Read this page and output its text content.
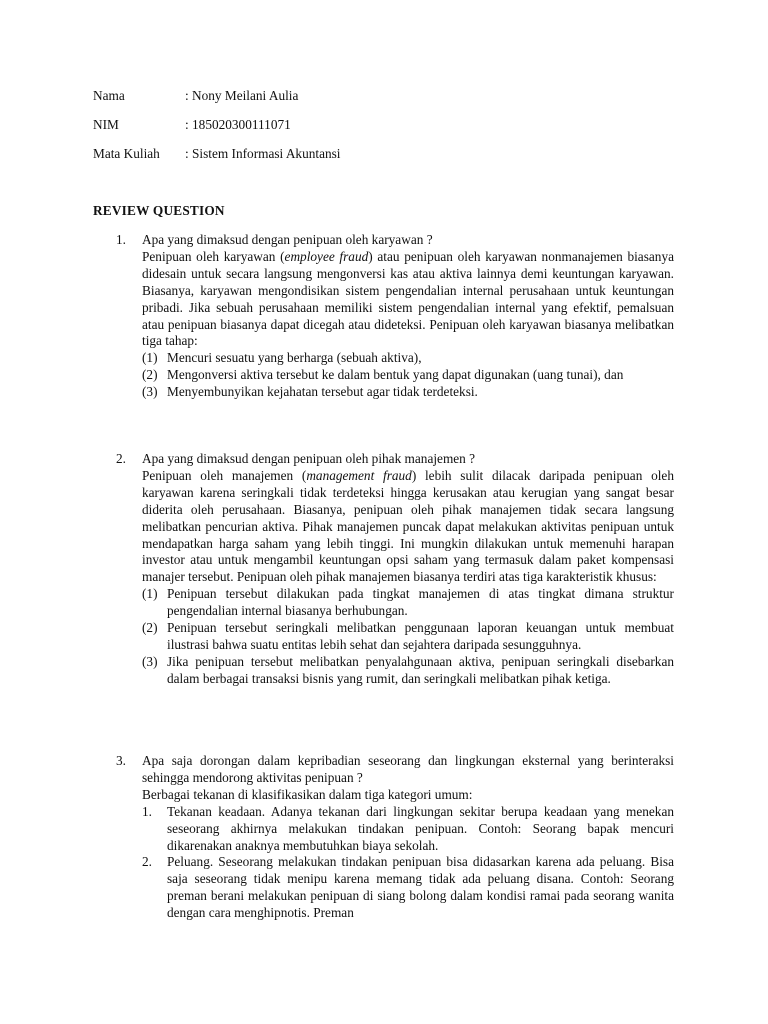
Nama	: Nony Meilani Aulia
NIM	: 185020300111071
Mata Kuliah	: Sistem Informasi Akuntansi
REVIEW QUESTION
1. Apa yang dimaksud dengan penipuan oleh karyawan ?

Penipuan oleh karyawan (employee fraud) atau penipuan oleh karyawan nonmanajemen biasanya didesain untuk secara langsung mengonversi kas atau aktiva lainnya demi keuntungan karyawan. Biasanya, karyawan mengondisikan sistem pengendalian internal perusahaan untuk keuntungan pribadi. Jika sebuah perusahaan memiliki sistem pengendalian internal yang efektif, pemalsuan atau penipuan biasanya dapat dicegah atau dideteksi. Penipuan oleh karyawan biasanya melibatkan tiga tahap:

(1) Mencuri sesuatu yang berharga (sebuah aktiva),
(2) Mengonversi aktiva tersebut ke dalam bentuk yang dapat digunakan (uang tunai), dan
(3) Menyembunyikan kejahatan tersebut agar tidak terdeteksi.
2. Apa yang dimaksud dengan penipuan oleh pihak manajemen ?

Penipuan oleh manajemen (management fraud) lebih sulit dilacak daripada penipuan oleh karyawan karena seringkali tidak terdeteksi hingga kerusakan atau kerugian yang sangat besar diderita oleh perusahaan. Biasanya, penipuan oleh pihak manajemen tidak secara langsung melibatkan pencurian aktiva. Pihak manajemen puncak dapat melakukan aktivitas penipuan untuk mendapatkan harga saham yang lebih tinggi. Ini mungkin dilakukan untuk memenuhi harapan investor atau untuk mengambil keuntungan opsi saham yang termasuk dalam paket kompensasi manajer tersebut. Penipuan oleh pihak manajemen biasanya terdiri atas tiga karakteristik khusus:

(1) Penipuan tersebut dilakukan pada tingkat manajemen di atas tingkat dimana struktur pengendalian internal biasanya berhubungan.
(2) Penipuan tersebut seringkali melibatkan penggunaan laporan keuangan untuk membuat ilustrasi bahwa suatu entitas lebih sehat dan sejahtera daripada sesungguhnya.
(3) Jika penipuan tersebut melibatkan penyalahgunaan aktiva, penipuan seringkali disebarkan dalam berbagai transaksi bisnis yang rumit, dan seringkali melibatkan pihak ketiga.
3. Apa saja dorongan dalam kepribadian seseorang dan lingkungan eksternal yang berinteraksi sehingga mendorong aktivitas penipuan ?

Berbagai tekanan di klasifikasikan dalam tiga kategori umum:

1.	Tekanan keadaan. Adanya tekanan dari lingkungan sekitar berupa keadaan yang menekan seseorang akhirnya melakukan tindakan penipuan. Contoh: Seorang bapak mencuri dikarenakan anaknya membutuhkan biaya sekolah.
2.	Peluang. Seseorang melakukan tindakan penipuan bisa didasarkan karena ada peluang. Bisa saja seseorang tidak menipu karena memang tidak ada peluang disana. Contoh: Seorang preman berani melakukan penipuan di siang bolong dalam kondisi ramai pada seorang wanita dengan cara menghipnotis. Preman
